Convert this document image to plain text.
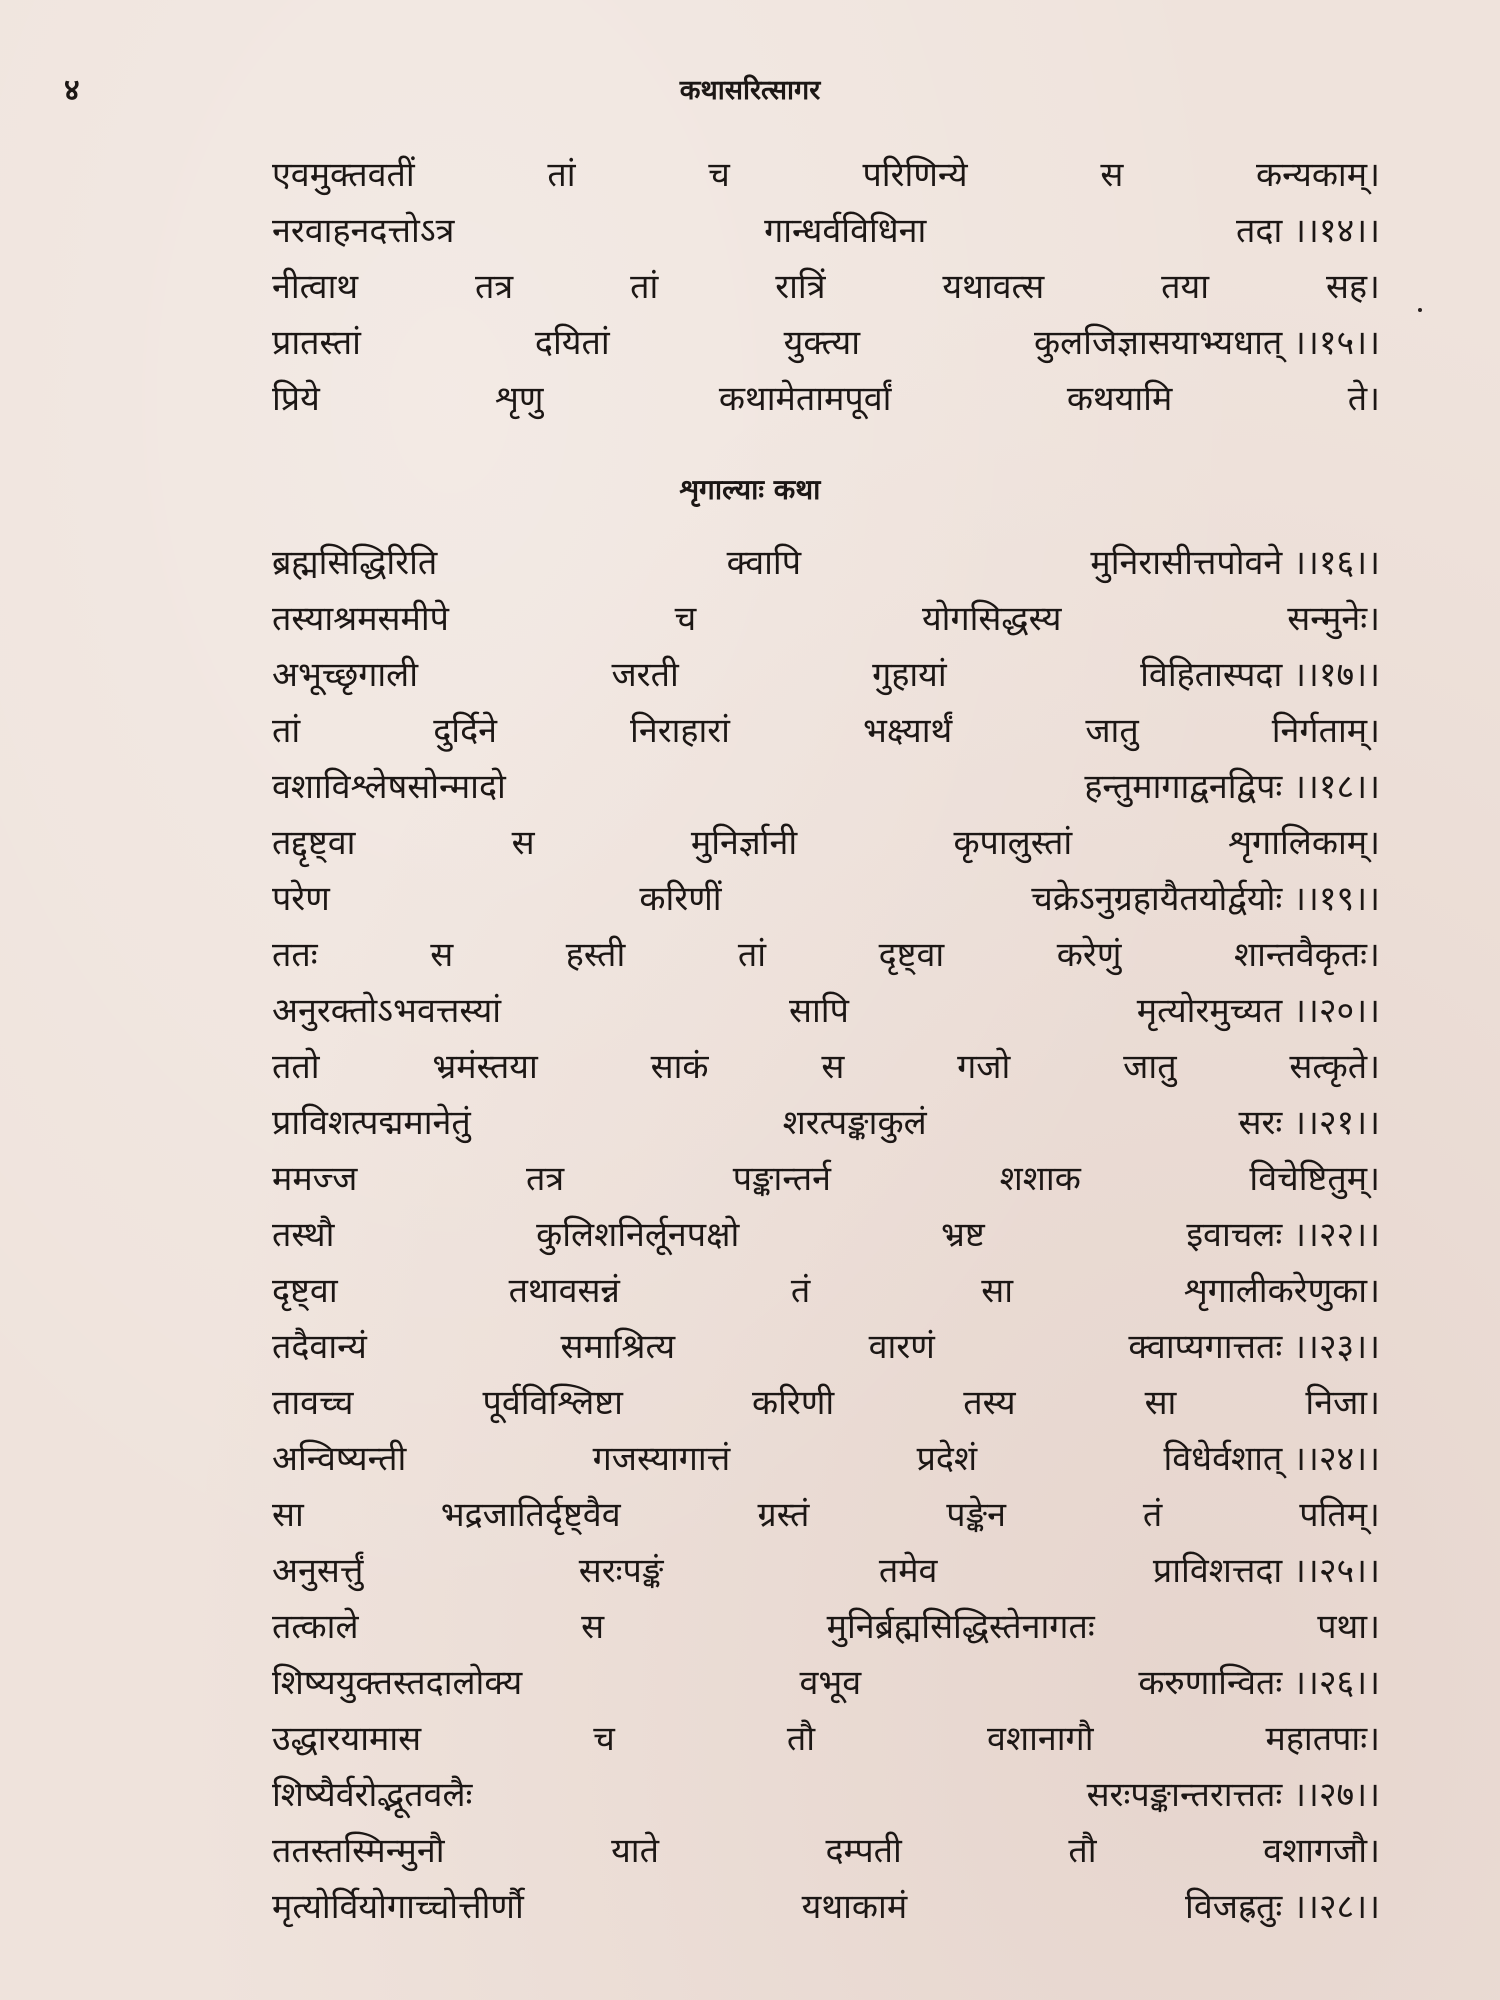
४	कथासरित्सागर
शृगाल्याः कथा
एवमुक्तवतीं	तां	च	परिणिन्ये	स	कन्यकाम्।
नरवाहनदत्तोऽत्र	गान्धर्वविधिना	तदा ।।१४।।
नीत्वाथ	तत्र	तां	रात्रिं	यथावत्स	तया	सह।
प्रातस्तां	दयितां	युक्त्या	कुलजिज्ञासयाभ्यधात् ।।१५।।
प्रिये	शृणु	कथामेतामपूर्वां	कथयामि	ते।
ब्रह्मसिद्धिरिति	क्वापि	मुनिरासीत्तपोवने ।।१६।।
तस्याश्रमसमीपे	च	योगसिद्धस्य	सन्मुनेः।
अभूच्छृगाली	जरती	गुहायां	विहितास्पदा ।।१७।।
तां	दुर्दिने	निराहारां	भक्ष्यार्थं	जातु	निर्गताम्।
वशाविश्लेषसोन्मादो	हन्तुमागाद्वनद्विपः ।।१८।।
तद्दृष्ट्वा	स	मुनिर्ज्ञानी	कृपालुस्तां	शृगालिकाम्।
परेण	करिणीं	चक्रेऽनुग्रहायैतयोर्द्वयोः ।।१९।।
ततः	स	हस्ती	तां	दृष्ट्वा	करेणुं	शान्तवैकृतः।
अनुरक्तोऽभवत्तस्यां	सापि	मृत्योरमुच्यत ।।२०।।
ततो	भ्रमंस्तया	साकं	स	गजो	जातु	सत्कृते।
प्राविशत्पद्ममानेतुं	शरत्पङ्काकुलं	सरः ।।२१।।
ममज्ज	तत्र	पङ्कान्तर्न	शशाक	विचेष्टितुम्।
तस्थौ	कुलिशनिर्लूनपक्षो	भ्रष्ट	इवाचलः ।।२२।।
दृष्ट्वा	तथावसन्नं	तं	सा	शृगालीकरेणुका।
तदैवान्यं	समाश्रित्य	वारणं	क्वाप्यगात्ततः ।।२३।।
तावच्च	पूर्वविश्लिष्टा	करिणी	तस्य	सा	निजा।
अन्विष्यन्ती	गजस्यागात्तं	प्रदेशं	विधेर्वशात् ।।२४।।
सा	भद्रजातिर्दृष्ट्वैव	ग्रस्तं	पङ्केन	तं	पतिम्।
अनुसर्त्तुं	सरःपङ्कं	तमेव	प्राविशत्तदा ।।२५।।
तत्काले	स	मुनिर्ब्रह्मसिद्धिस्तेनागतः	पथा।
शिष्ययुक्तस्तदालोक्य	वभूव	करुणान्वितः ।।२६।।
उद्धारयामास	च	तौ	वशानागौ	महातपाः।
शिष्यैर्वरोद्भूतवलैः	सरःपङ्कान्तरात्ततः ।।२७।।
ततस्तस्मिन्मुनौ	याते	दम्पती	तौ	वशागजौ।
मृत्योर्वियोगाच्चोत्तीर्णौ	यथाकामं	विजह्रतुः ।।२८।।
